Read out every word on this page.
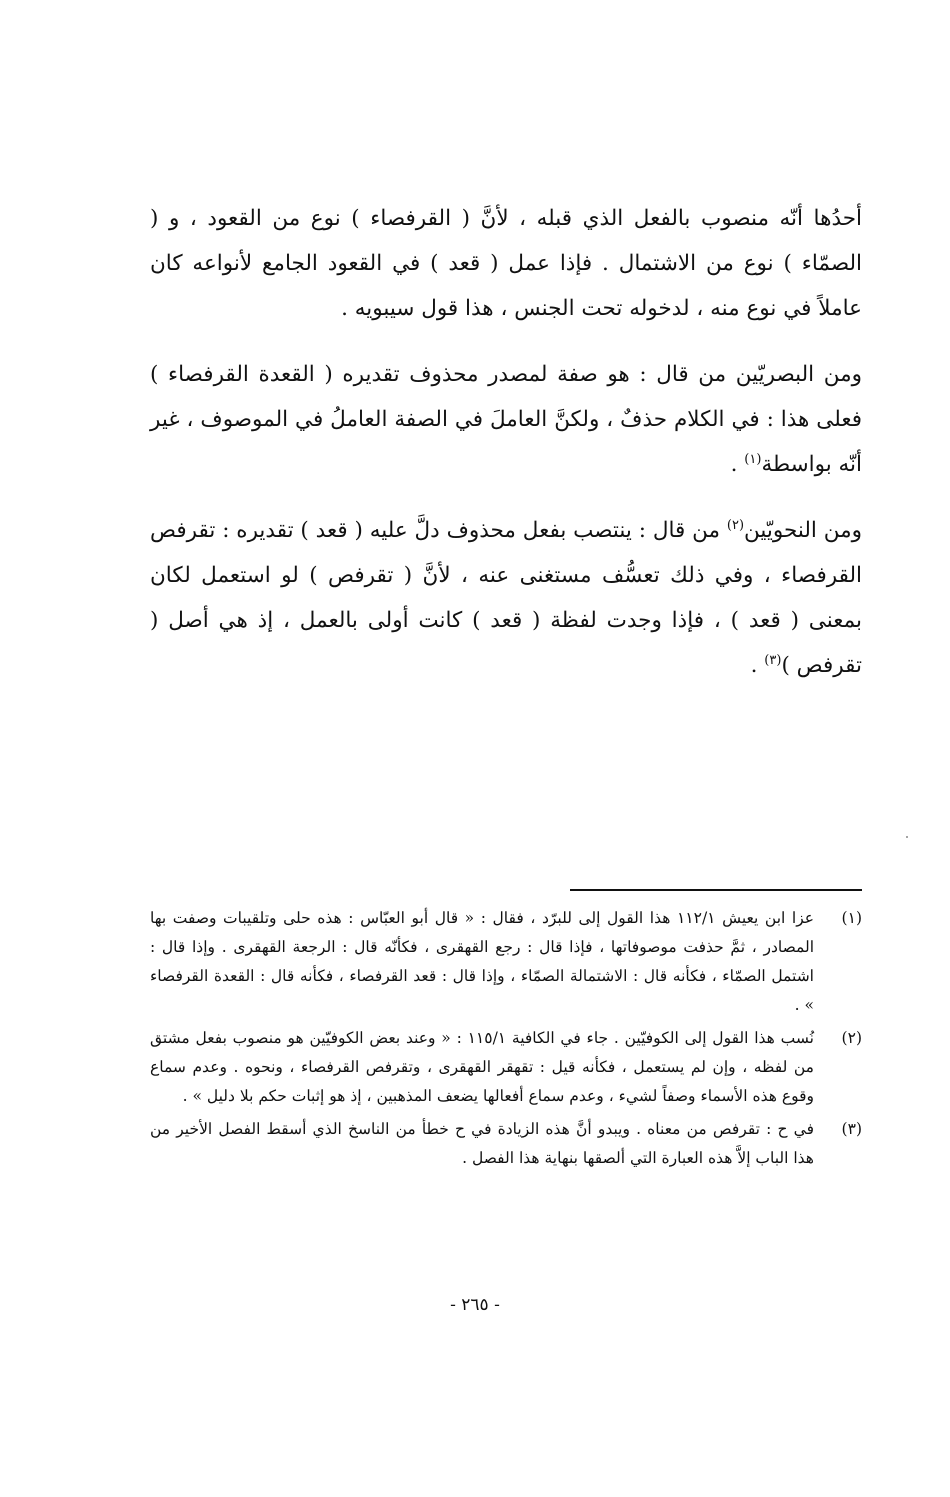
أحدُها أنّه منصوب بالفعل الذي قبله ، لأنَّ ( القرفصاء ) نوع من القعود ، و ( الصمّاء ) نوع من الاشتمال . فإذا عمل ( قعد ) في القعود الجامع لأنواعه كان عاملاً في نوع منه ، لدخوله تحت الجنس ، هذا قول سيبويه .

ومن البصريّين من قال : هو صفة لمصدر محذوف تقديره ( القعدة القرفصاء ) فعلى هذا : في الكلام حذفٌ ، ولكنَّ العاملَ في الصفة العاملُ في الموصوف ، غير أنّه بواسطة$^{(١)}$ .

ومن النحويّين$^{(٢)}$ من قال : ينتصب بفعل محذوف دلَّ عليه ( قعد ) تقديره : تقرفص القرفصاء ، وفي ذلك تعسُّف مستغنى عنه ، لأنَّ ( تقرفص ) لو استعمل لكان بمعنى ( قعد ) ، فإذا وجدت لفظة ( قعد ) كانت أولى بالعمل ، إذ هي أصل ( تقرفص )$^{(٣)}$ .

(١)
عزا ابن يعيش ١١٢/١ هذا القول إلى للبرّد ، فقال : « قال أبو العبّاس : هذه حلى وتلقيبات وصفت بها المصادر ، ثمَّ حذفت موصوفاتها ، فإذا قال : رجع القهقرى ، فكأنّه قال : الرجعة القهقرى . وإذا قال : اشتمل الصمّاء ، فكأنه قال : الاشتمالة الصمّاء ، وإذا قال : قعد القرفصاء ، فكأنه قال : القعدة القرفصاء » .
(٢)
نُسب هذا القول إلى الكوفيّين . جاء في الكافية ١١٥/١ : « وعند بعض الكوفيّين هو منصوب بفعل مشتق من لفظه ، وإن لم يستعمل ، فكأنه قيل : تقهقر القهقرى ، وتقرفص القرفصاء ، ونحوه . وعدم سماع وقوع هذه الأسماء وصفاً لشيء ، وعدم سماع أفعالها يضعف المذهبين ، إذ هو إثبات حكم بلا دليل » .
(٣)
في ح : تقرفص من معناه . ويبدو أنَّ هذه الزيادة في ح خطأ من الناسخ الذي أسقط الفصل الأخير من هذا الباب إلاَّ هذه العبارة التي ألصقها بنهاية هذا الفصل .
- ٢٦٥ -
